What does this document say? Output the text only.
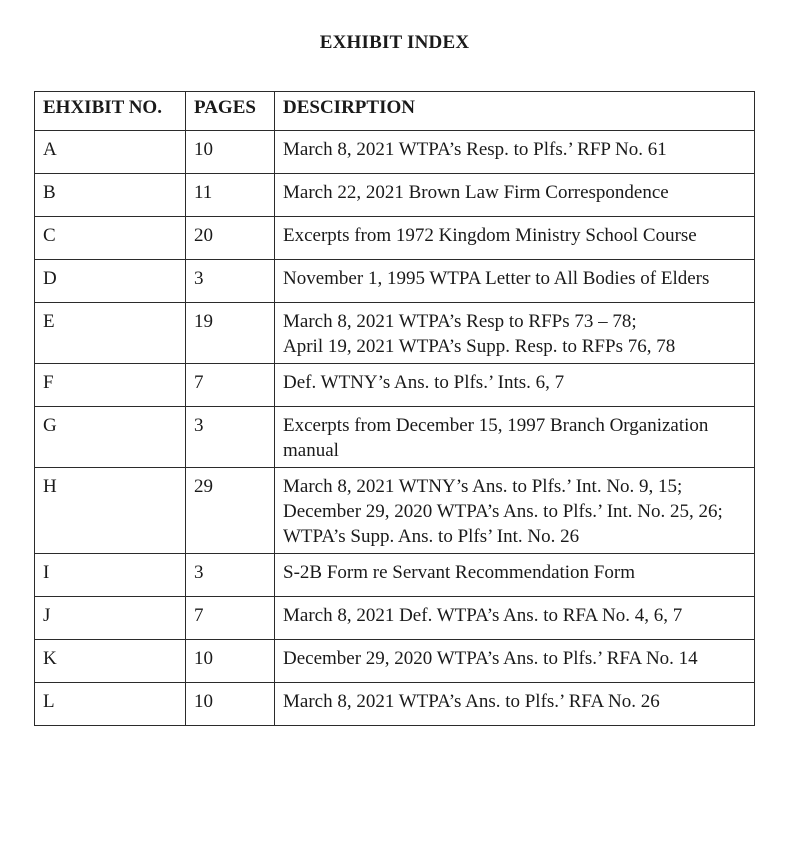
EXHIBIT INDEX
EHXIBIT NO.	PAGES	DESCIRPTION
A	10	March 8, 2021 WTPA’s Resp. to Plfs.’ RFP No. 61

B	11	March 22, 2021 Brown Law Firm Correspondence

C	20	Excerpts from 1972 Kingdom Ministry School Course

D	3	November 1, 1995 WTPA Letter to All Bodies of Elders

E	19	March 8, 2021 WTPA’s Resp to RFPs 73 – 78;
April 19, 2021 WTPA’s Supp. Resp. to RFPs 76, 78

F	7	Def. WTNY’s Ans. to Plfs.’ Ints. 6, 7

G	3	Excerpts from December 15, 1997 Branch Organization manual

H	29	March 8, 2021 WTNY’s Ans. to Plfs.’ Int. No. 9, 15;
December 29, 2020 WTPA’s Ans. to Plfs.’ Int. No. 25, 26;
WTPA’s Supp. Ans. to Plfs’ Int. No. 26

I	3	S-2B Form re Servant Recommendation Form

J	7	March 8, 2021 Def. WTPA’s Ans. to RFA No. 4, 6, 7

K	10	December 29, 2020 WTPA’s Ans. to Plfs.’ RFA No. 14

L	10	March 8, 2021 WTPA’s Ans. to Plfs.’ RFA No. 26
